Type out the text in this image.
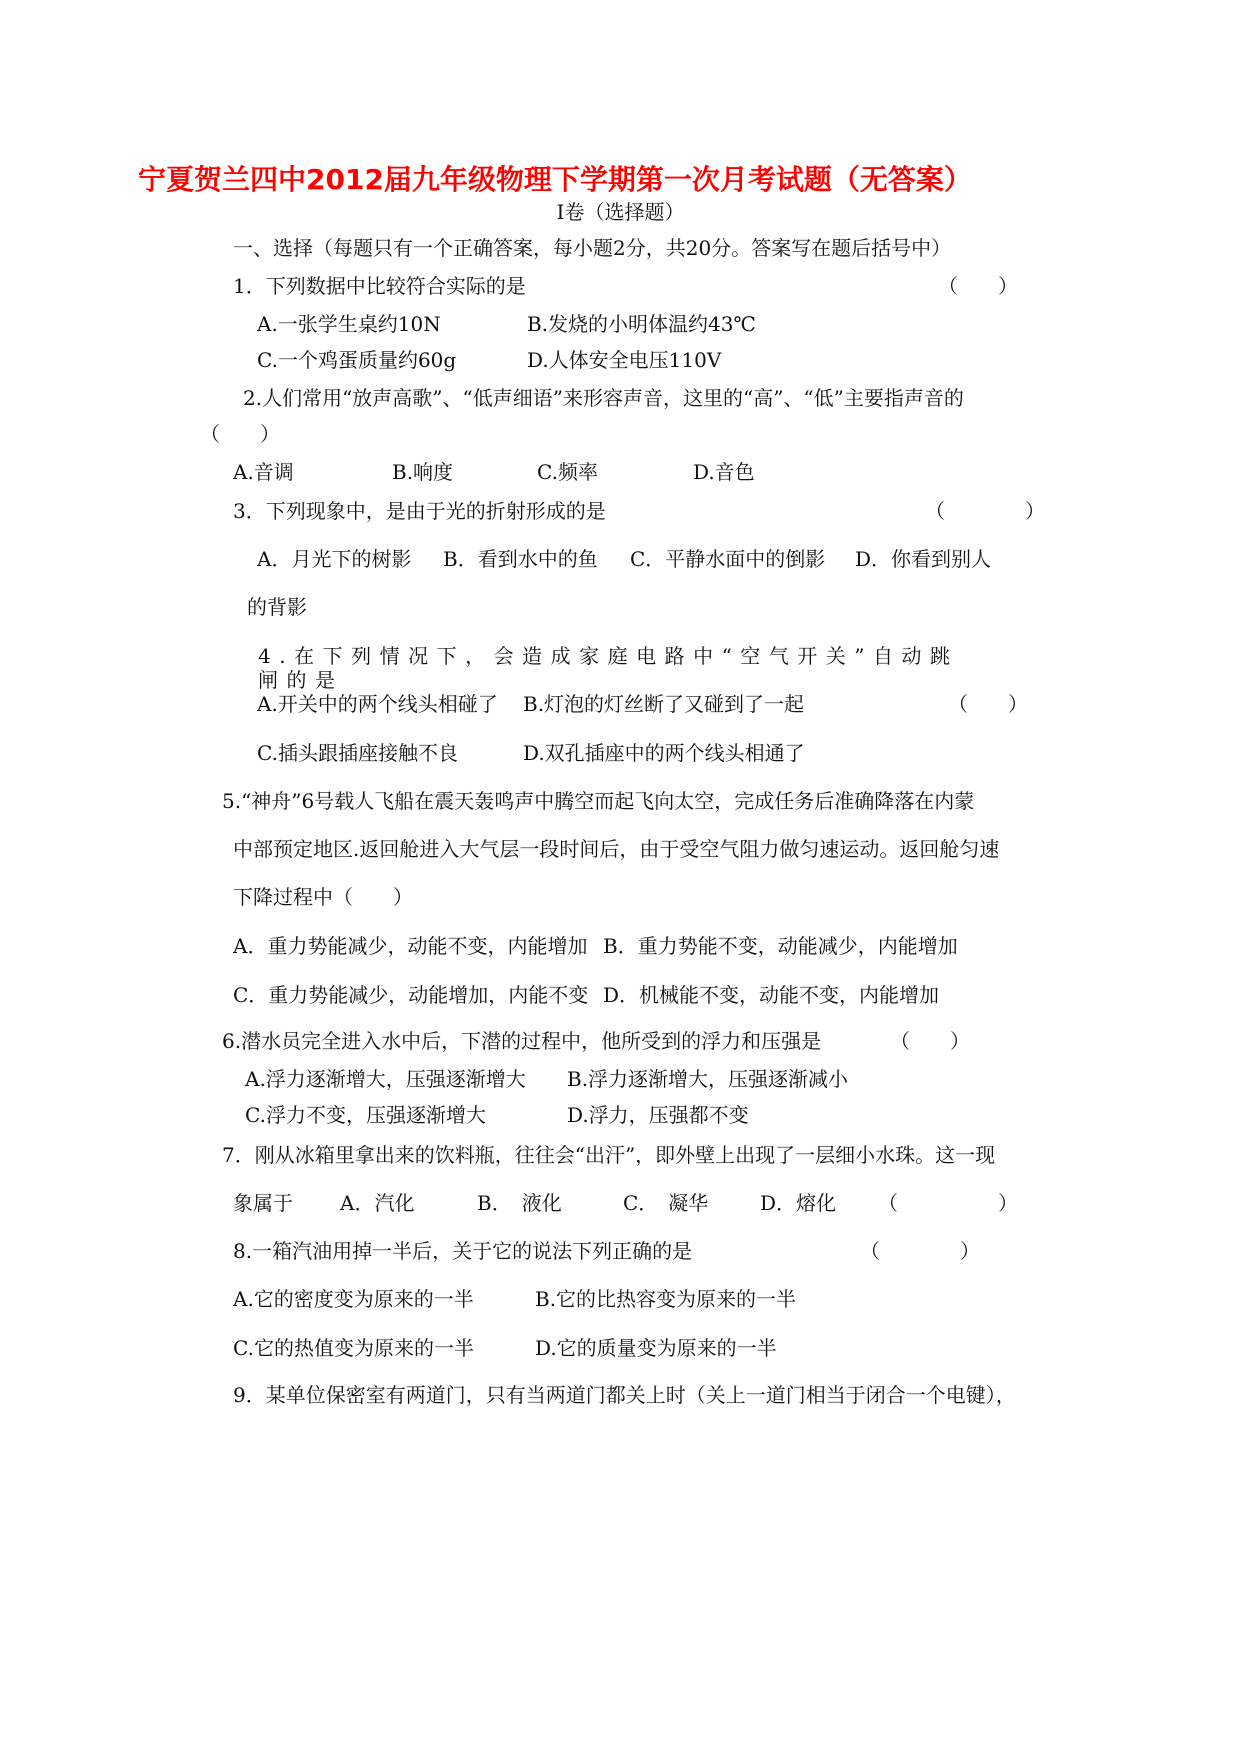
宁夏贺兰四中2012届九年级物理下学期第一次月考试题（无答案）
Ⅰ卷（选择题）
一、选择（每题只有一个正确答案，每小题2分，共20分。答案写在题后括号中）
1．下列数据中比较符合实际的是	（　　）
A.一张学生桌约10N	B.发烧的小明体温约43℃
C.一个鸡蛋质量约60g	D.人体安全电压110V
2.人们常用“放声高歌”、“低声细语”来形容声音，这里的“高”、“低”主要指声音的
（　　）
A.音调	B.响度	C.频率	D.音色
3．下列现象中，是由于光的折射形成的是	（　　　　）
A．月光下的树影 B．看到水中的鱼 C．平静水面中的倒影 D．你看到别人
的背影
4.在下列情况下，会造成家庭电路中“空气开关”自动跳闸的是
A.开关中的两个线头相碰了 B.灯泡的灯丝断了又碰到了一起	（　　）
C.插头跟插座接触不良	D.双孔插座中的两个线头相通了
5.“神舟”6号载人飞船在震天轰鸣声中腾空而起飞向太空，完成任务后准确降落在内蒙
中部预定地区.返回舱进入大气层一段时间后，由于受空气阻力做匀速运动。返回舱匀速
下降过程中（　　）
A．重力势能减少，动能不变，内能增加 B．重力势能不变，动能减少，内能增加
C．重力势能减少，动能增加，内能不变 D．机械能不变，动能不变，内能增加
6.潜水员完全进入水中后，下潜的过程中，他所受到的浮力和压强是	（　　）
A.浮力逐渐增大，压强逐渐增大 B.浮力逐渐增大，压强逐渐减小
C.浮力不变，压强逐渐增大	D.浮力，压强都不变
7．刚从冰箱里拿出来的饮料瓶，往往会“出汗”，即外壁上出现了一层细小水珠。这一现
象属于 A．汽化	B．　液化	C．　凝华	D．熔化 （　　　　　）
8.一箱汽油用掉一半后，关于它的说法下列正确的是	（　　　　）
A.它的密度变为原来的一半	B.它的比热容变为原来的一半
C.它的热值变为原来的一半	D.它的质量变为原来的一半
9．某单位保密室有两道门，只有当两道门都关上时（关上一道门相当于闭合一个电键），
